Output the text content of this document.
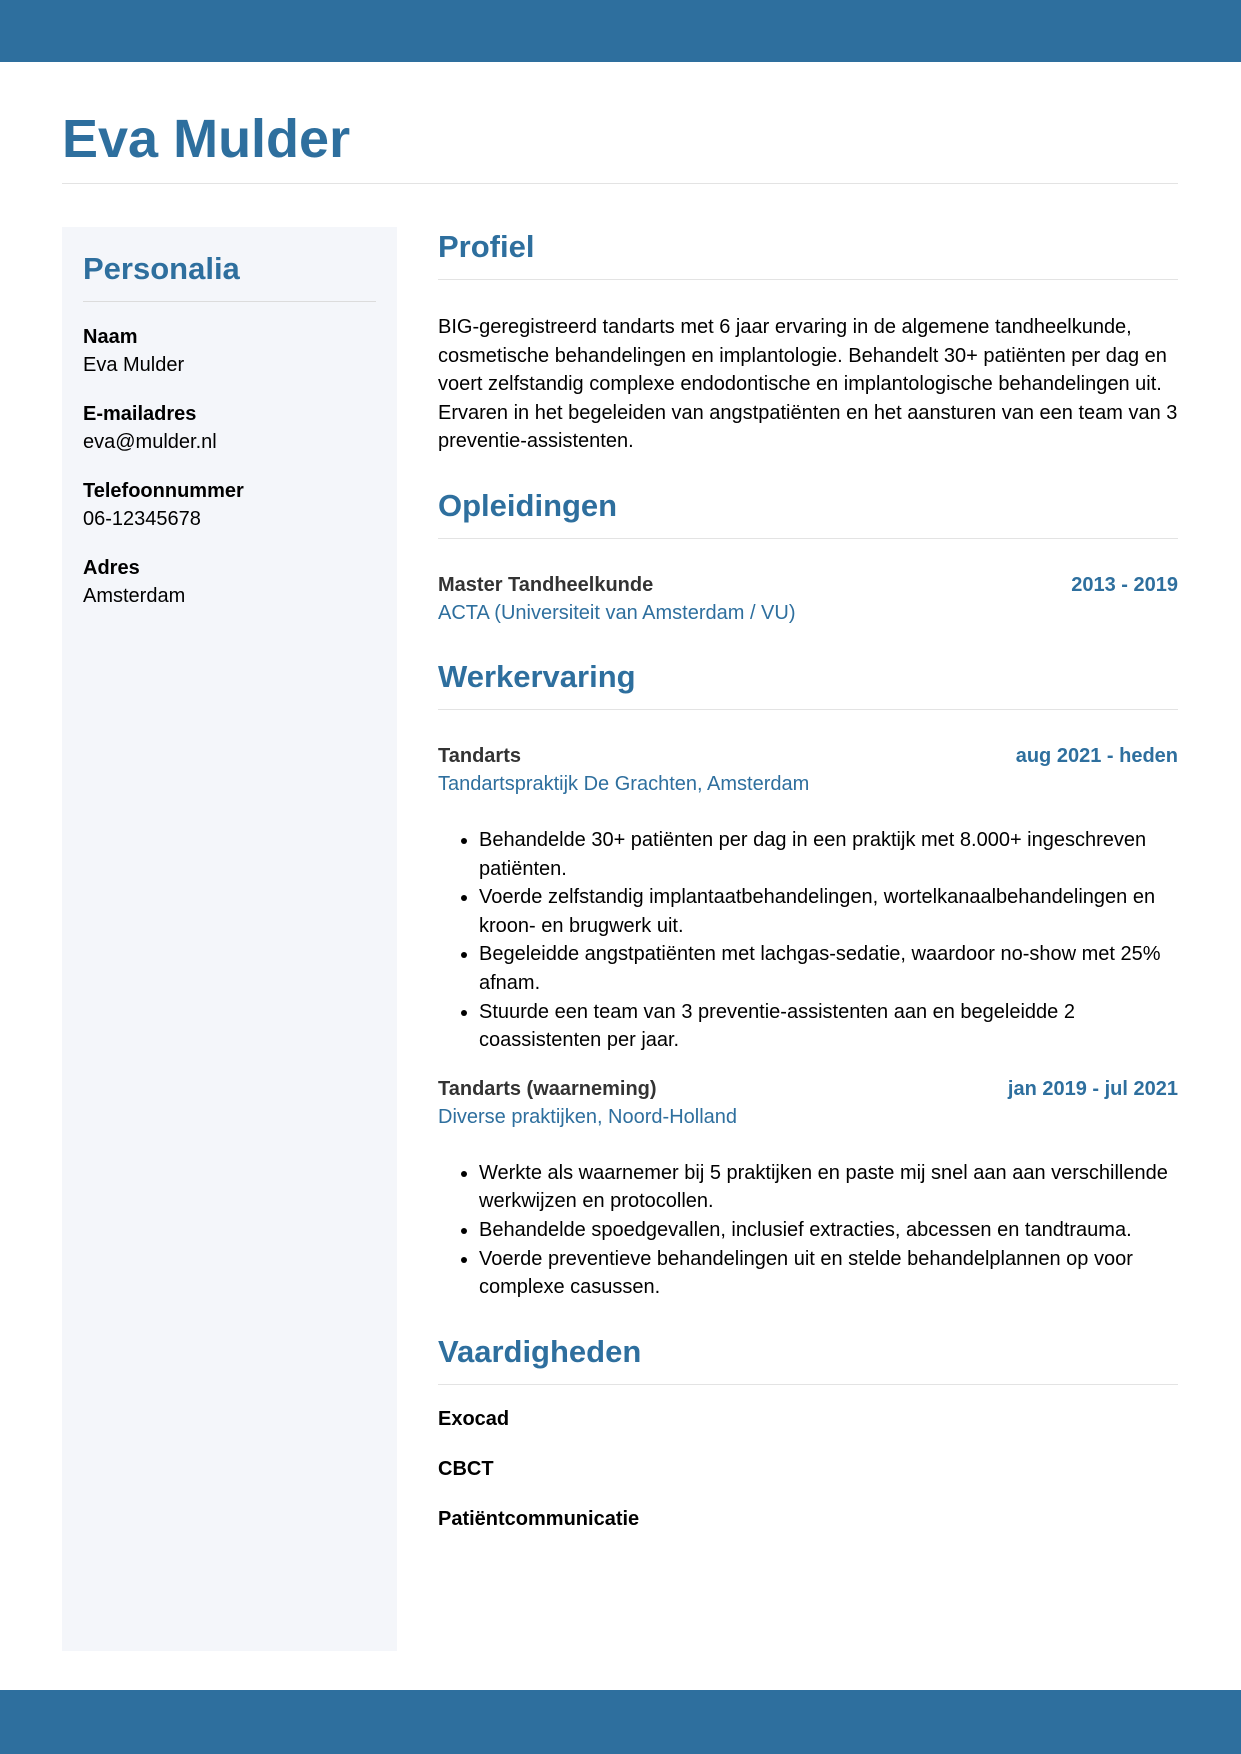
Eva Mulder
Personalia
Naam
Eva Mulder
E-mailadres
eva@mulder.nl
Telefoonnummer
06-12345678
Adres
Amsterdam
Profiel

BIG-geregistreerd tandarts met 6 jaar ervaring in de algemene tandheelkunde, cosmetische behandelingen en implantologie. Behandelt 30+ patiënten per dag en voert zelfstandig complexe endodontische en implantologische behandelingen uit. Ervaren in het begeleiden van angstpatiënten en het aansturen van een team van 3 preventie-assistenten.

Opleidingen
Master Tandheelkunde	2013 - 2019
ACTA (Universiteit van Amsterdam / VU)
Werkervaring
Tandarts	aug 2021 - heden
Tandartspraktijk De Grachten, Amsterdam
• Behandelde 30+ patiënten per dag in een praktijk met 8.000+ ingeschreven patiënten.
• Voerde zelfstandig implantaatbehandelingen, wortelkanaalbehandelingen en kroon- en brugwerk uit.
• Begeleidde angstpatiënten met lachgas-sedatie, waardoor no-show met 25% afnam.
• Stuurde een team van 3 preventie-assistenten aan en begeleidde 2 coassistenten per jaar.
Tandarts (waarneming)	jan 2019 - jul 2021
Diverse praktijken, Noord-Holland
• Werkte als waarnemer bij 5 praktijken en paste mij snel aan aan verschillende werkwijzen en protocollen.
• Behandelde spoedgevallen, inclusief extracties, abcessen en tandtrauma.
• Voerde preventieve behandelingen uit en stelde behandelplannen op voor complexe casussen.
Vaardigheden
Exocad
CBCT
Patiëntcommunicatie
